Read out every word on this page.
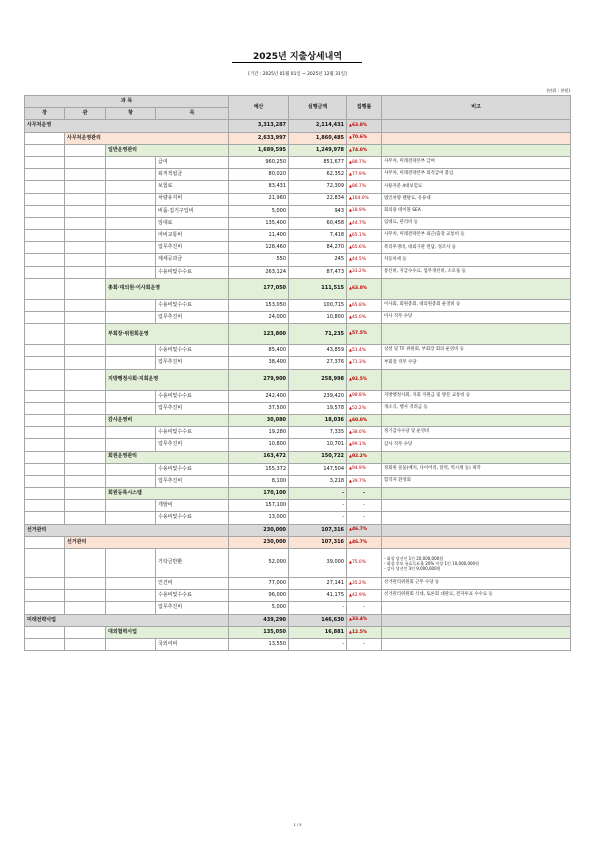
2025년 지출상세내역
[기간 : 2025년 01월 01일 ~ 2025년 12월 31일]
(단위 : 천원)
과 목				예산	실행금액	집행률	비고
장	관	항	목				
사무처운영				3,313,287	2,114,431	▲ 63.8%	
	사무처운영관리			2,633,997	1,860,485	▲ 70.6%	
		일반운영관리		1,689,595	1,249,978	▲ 74.0%	
			급여	960,250	851,677	▲ 88.7%	사무처, 미래전략본부 급여
			퇴직적립금	80,020	62,352	▲ 77.9%	사무처, 미래전략본부 퇴직급여 불입
			보험료	83,431	72,309	▲ 86.7%	사용자분 4대보험료
			차량유지비	21,960	22,834	▲ 104.0%	법인차량 렌탈료, 유류대
			비품·집기구입비	5,000	943	▲ 18.9%	회의용 테이블 SEA
			임대료	135,400	60,458	▲ 44.7%	임대료, 관리비 등
			여비교통비	11,400	7,418	▲ 65.1%	사무처, 미래전략본부 외근/출장 교통비 등
			업무추진비	128,460	84,270	▲ 65.6%	복리후생비, 대외기관 면담, 경조사 등
			제세공과금	550	245	▲ 44.5%	자동차세 등
			수용비및수수료	263,124	87,473	▲ 33.2%	통신비, 지급수수료, 업무개선비, 소모품 등
		총회·대의원·이사회운영		177,050	111,515	▲ 63.0%	
			수용비및수수료	153,050	100,715	▲ 65.8%	이사회, 회원총회, 대의원총회 운영비 등
			업무추진비	24,000	10,800	▲ 45.0%	이사 직무 수당
		부회장·위원회운영		123,800	71,235	▲ 57.5%	
			수용비및수수료	85,400	43,859	▲ 51.4%	상설 및 TF 위원회, 부회장 회의 운영비 등
			업무추진비	38,400	27,376	▲ 71.3%	부회장 직무 수당
		지방행정사회·지회운영		279,900	258,998	▲ 92.5%	
			수용비및수수료	242,400	239,420	▲ 98.8%	지방행정사회, 지회 지원금 및 방문 교통비 등
			업무추진비	37,500	19,578	▲ 52.2%	개소식, 행사 격려금 등
		감사운영비		30,080	18,036	▲ 60.0%	
			수용비및수수료	19,280	7,335	▲ 38.0%	정기감사수당 및 운영비
			업무추진비	10,800	10,701	▲ 99.1%	감사 직무 수당
		회원운영관리		163,472	150,722	▲ 92.2%	
			수용비및수수료	155,372	147,504	▲ 94.9%	정회원 물품(배지, 다이어리, 달력, 벽시계 등) 제작
			업무추진비	8,100	3,218	▲ 39.7%	합격자 환영회
		회원등록시스템		170,100	-	-	
			개발비	157,100	-	-	
			수용비및수수료	13,000	-	-	
선거관리				230,000	107,316	▲ 46.7%	
	선거관리			230,000	107,316	▲ 46.7%	
			기탁금반환	52,000	39,000	▲ 75.0%	- 회장 당선인 1인 20,000,000원
- 회장 후보 유효득표율 20% 이상 1인 10,000,000원
- 감사 당선인 3인 9,000,000원

			인건비	77,000	27,141	▲ 35.2%	선거관리위원회 근무 수당 등
			수용비및수수료	96,000	41,175	▲ 42.9%	선거관리위원회 식대, 토론회 대관료, 전자투표 수수료 등
			업무추진비	5,000	-	-	
미래전략사업				439,290	146,630	▲ 33.4%	
		대외협력사업		135,050	16,881	▲ 12.5%	
			국외여비	13,550	-	-	
1 / 5
